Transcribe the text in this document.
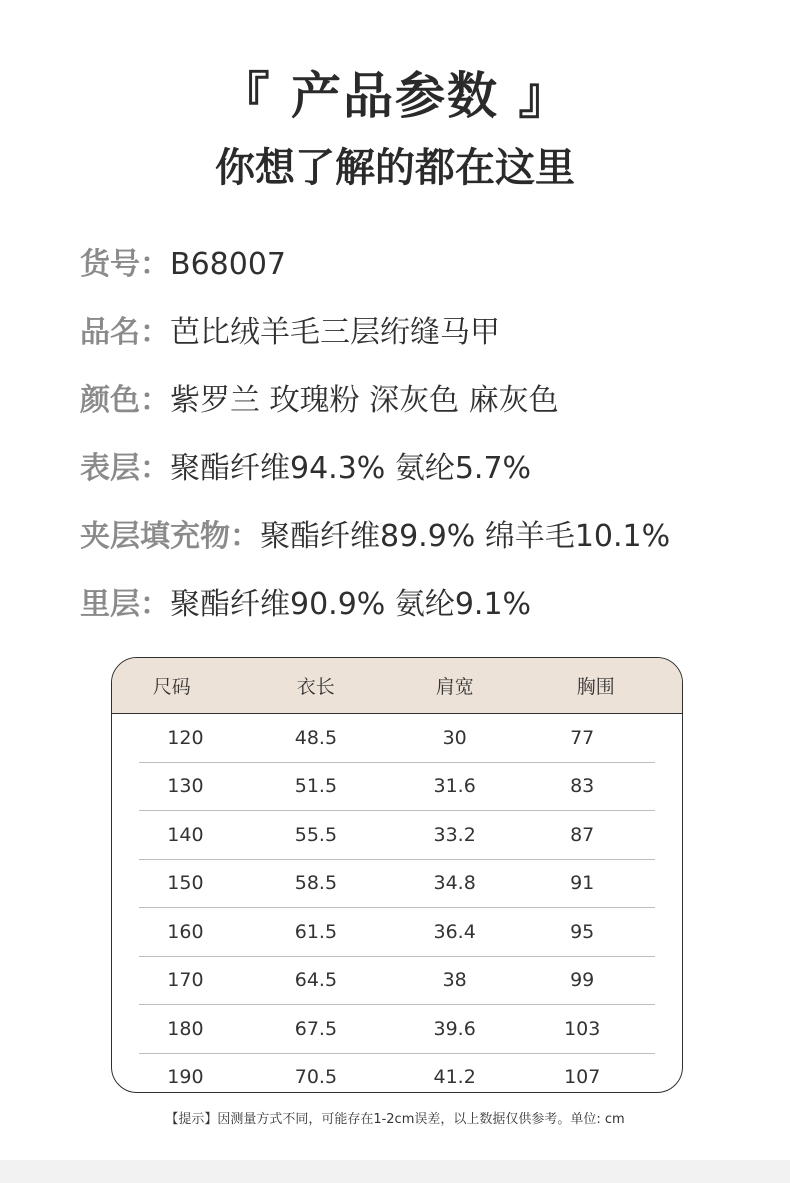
『 产品参数 』
你想了解的都在这里
货号：B68007
品名：芭比绒羊毛三层绗缝马甲
颜色：紫罗兰 玫瑰粉 深灰色 麻灰色
表层：聚酯纤维94.3% 氨纶5.7%
夹层填充物：聚酯纤维89.9% 绵羊毛10.1%
里层：聚酯纤维90.9% 氨纶9.1%
尺码	衣长	肩宽	胸围
120	48.5	30	77
130	51.5	31.6	83
140	55.5	33.2	87
150	58.5	34.8	91
160	61.5	36.4	95
170	64.5	38	99
180	67.5	39.6	103
190	70.5	41.2	107
【提示】因测量方式不同，可能存在1-2cm误差，以上数据仅供参考。单位: cm
